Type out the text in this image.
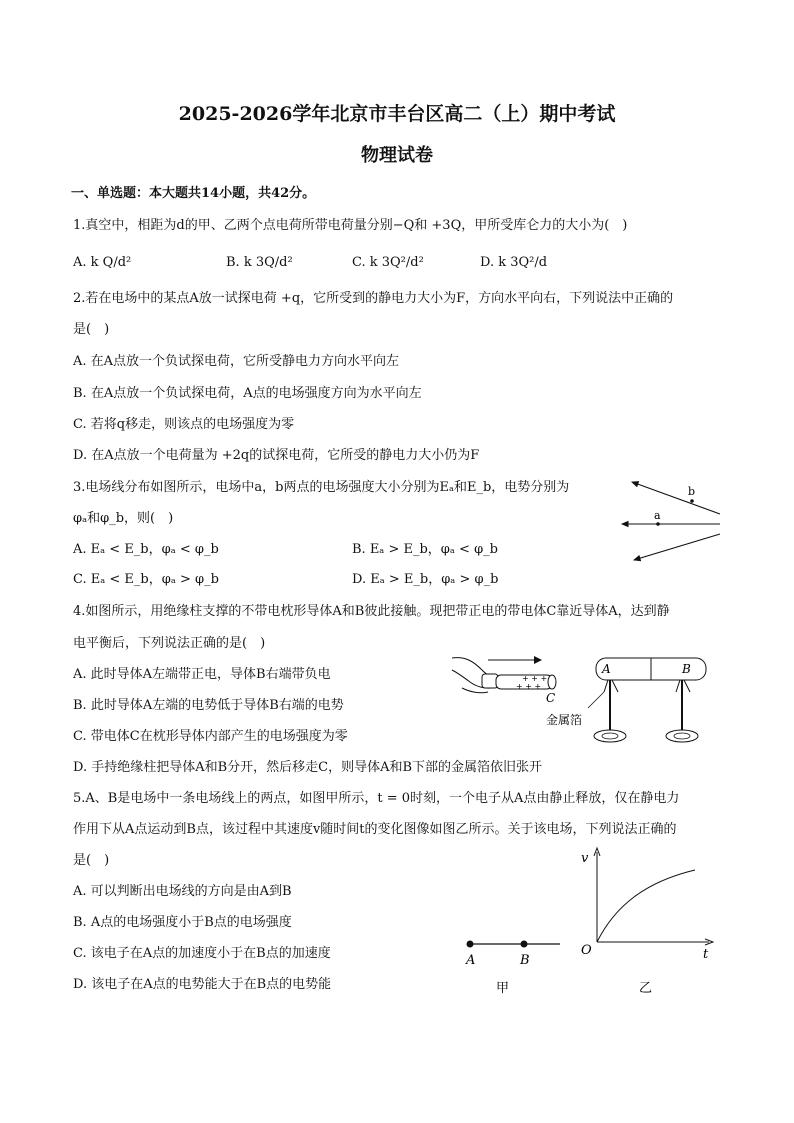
2025-2026学年北京市丰台区高二（上）期中考试
物理试卷
一、单选题：本大题共14小题，共42分。
1.真空中，相距为d的甲、乙两个点电荷所带电荷量分别−Q和 +3Q，甲所受库仑力的大小为(　)
A. k Q/d²	B. k 3Q/d²	C. k 3Q²/d²	D. k 3Q²/d
2.若在电场中的某点A放一试探电荷 +q，它所受到的静电力大小为F，方向水平向右，下列说法中正确的
是(　)
A. 在A点放一个负试探电荷，它所受静电力方向水平向左
B. 在A点放一个负试探电荷，A点的电场强度方向为水平向左
C. 若将q移走，则该点的电场强度为零
D. 在A点放一个电荷量为 +2q的试探电荷，它所受的静电力大小仍为F
3.电场线分布如图所示，电场中a，b两点的电场强度大小分别为Eₐ和E_b，电势分别为
φₐ和φ_b，则(　)
A. Eₐ < E_b，φₐ < φ_b	B. Eₐ > E_b，φₐ < φ_b
C. Eₐ < E_b，φₐ > φ_b	D. Eₐ > E_b，φₐ > φ_b
b
a
4.如图所示，用绝缘柱支撑的不带电枕形导体A和B彼此接触。现把带正电的带电体C靠近导体A，达到静
电平衡后，下列说法正确的是(　)
A. 此时导体A左端带正电，导体B右端带负电
B. 此时导体A左端的电势低于导体B右端的电势
C. 带电体C在枕形导体内部产生的电场强度为零
D. 手持绝缘柱把导体A和B分开，然后移走C，则导体A和B下部的金属箔依旧张开
+ + +
+ + +
C
A	B
金属箔
5.A、B是电场中一条电场线上的两点，如图甲所示，t = 0时刻，一个电子从A点由静止释放，仅在静电力
作用下从A点运动到B点，该过程中其速度v随时间t的变化图像如图乙所示。关于该电场，下列说法正确的
是(　)
A. 可以判断出电场线的方向是由A到B
B. A点的电场强度小于B点的电场强度
C. 该电子在A点的加速度小于在B点的加速度
D. 该电子在A点的电势能大于在B点的电势能
A	B
甲
v
O	t
乙
